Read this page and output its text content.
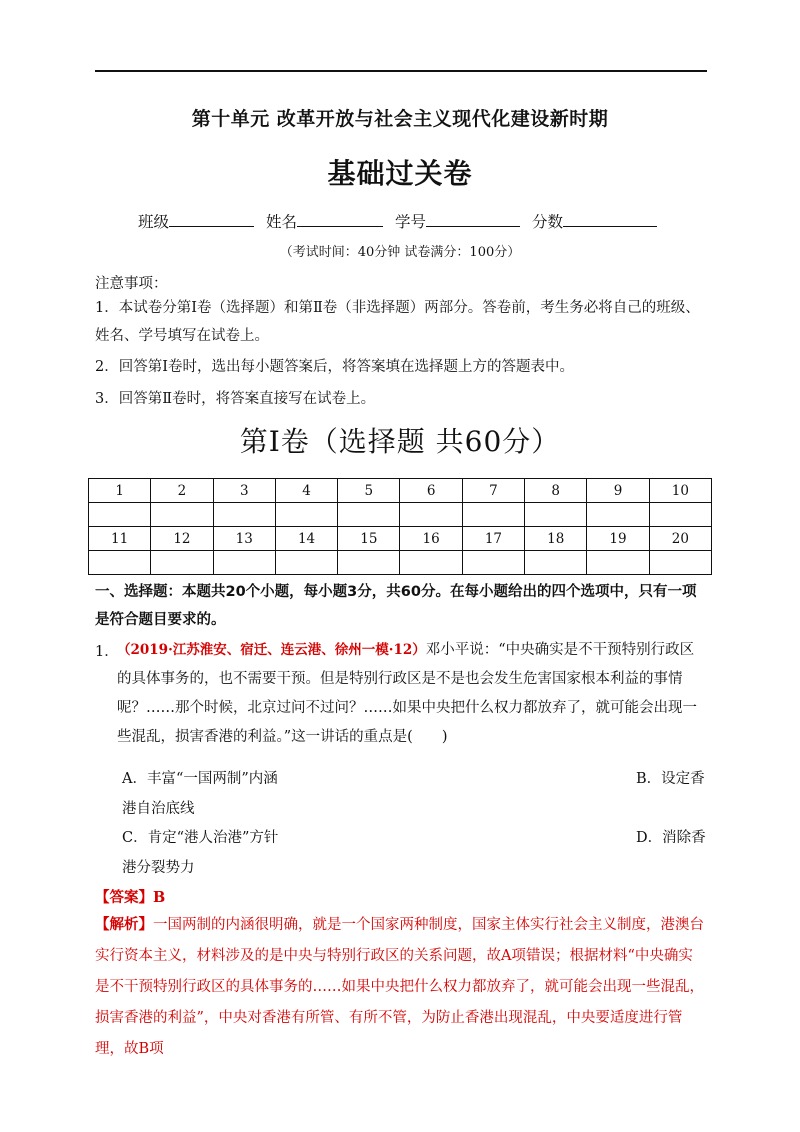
第十单元 改革开放与社会主义现代化建设新时期
基础过关卷
班级	姓名	学号	分数
（考试时间：40分钟 试卷满分：100分）
注意事项：
1．本试卷分第Ⅰ卷（选择题）和第Ⅱ卷（非选择题）两部分。答卷前，考生务必将自己的班级、姓名、学号填写在试卷上。
2．回答第Ⅰ卷时，选出每小题答案后，将答案填在选择题上方的答题表中。
3．回答第Ⅱ卷时，将答案直接写在试卷上。
第Ⅰ卷（选择题 共60分）
1	2	3	4	5	6	7	8	9	10

11	12	13	14	15	16	17	18	19	20

一、选择题：本题共20个小题，每小题3分，共60分。在每小题给出的四个选项中，只有一项是符合题目要求的。
1．
（2019·江苏淮安、宿迁、连云港、徐州一模·12）邓小平说：“中央确实是不干预特别行政区的具体事务的，也不需要干预。但是特别行政区是不是也会发生危害国家根本利益的事情呢？……那个时候，北京过问不过问？……如果中央把什么权力都放弃了，就可能会出现一些混乱，损害香港的利益。”这一讲话的重点是(　　)
A．丰富“一国两制”内涵	B．设定香
港自治底线
C．肯定“港人治港”方针	D．消除香
港分裂势力
【答案】B
【解析】一国两制的内涵很明确，就是一个国家两种制度，国家主体实行社会主义制度，港澳台实行资本主义，材料涉及的是中央与特别行政区的关系问题，故A项错误；根据材料“中央确实是不干预特别行政区的具体事务的……如果中央把什么权力都放弃了，就可能会出现一些混乱，损害香港的利益”，中央对香港有所管、有所不管，为防止香港出现混乱，中央要适度进行管理，故B项
